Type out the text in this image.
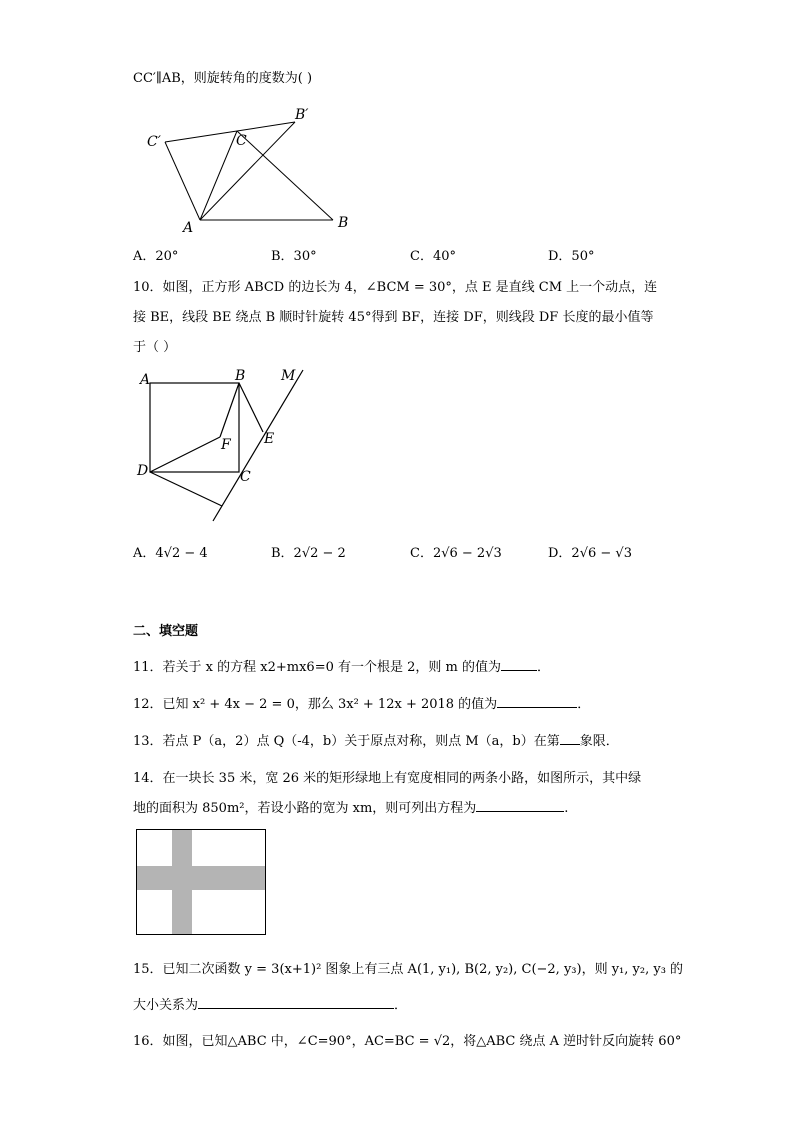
CC′∥AB，则旋转角的度数为( )
B′
C′	C
A	B
A．20°	B．30°	C．40°	D．50°
10．如图，正方形 ABCD 的边长为 4，∠BCM = 30°，点 E 是直线 CM 上一个动点，连
接 BE，线段 BE 绕点 B 顺时针旋转 45°得到 BF，连接 DF，则线段 DF 长度的最小值等
于（ ）
A	B	M
E
F
D	C
A．4√2 − 4	B．2√2 − 2	C．2√6 − 2√3	D．2√6 − √3
二、填空题
11．若关于 x 的方程 x2+mx6=0 有一个根是 2，则 m 的值为	．
12．已知 x² + 4x − 2 = 0，那么 3x² + 12x + 2018 的值为	．
13．若点 P（a，2）点 Q（-4，b）关于原点对称，则点 M（a，b）在第 象限．
14．在一块长 35 米，宽 26 米的矩形绿地上有宽度相同的两条小路，如图所示，其中绿
地的面积为 850m²，若设小路的宽为 xm，则可列出方程为	.
15．已知二次函数 y = 3(x+1)² 图象上有三点 A(1, y₁), B(2, y₂), C(−2, y₃)，则 y₁, y₂, y₃ 的
大小关系为	．
16．如图，已知△ABC 中，∠C=90°，AC=BC = √2，将△ABC 绕点 A 逆时针反向旋转 60°
